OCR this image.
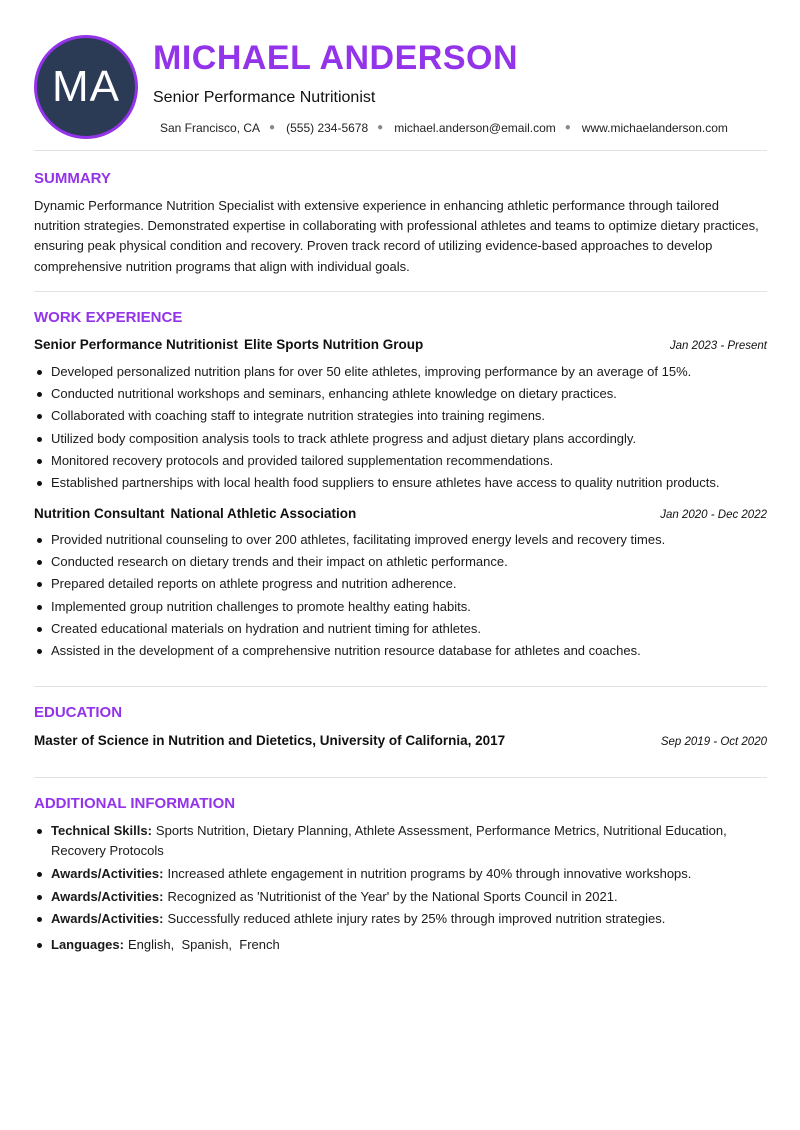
MA
MICHAEL ANDERSON
Senior Performance Nutritionist
San Francisco, CA ● (555) 234-5678 ● michael.anderson@email.com ● www.michaelanderson.com
SUMMARY

Dynamic Performance Nutrition Specialist with extensive experience in enhancing athletic performance through tailored nutrition strategies. Demonstrated expertise in collaborating with professional athletes and teams to optimize dietary practices, ensuring peak physical condition and recovery. Proven track record of utilizing evidence-based approaches to develop comprehensive nutrition programs that align with individual goals.

WORK EXPERIENCE
Senior Performance Nutritionist Elite Sports Nutrition Group	Jan 2023 - Present
Developed personalized nutrition plans for over 50 elite athletes, improving performance by an average of 15%.
Conducted nutritional workshops and seminars, enhancing athlete knowledge on dietary practices.
Collaborated with coaching staff to integrate nutrition strategies into training regimens.
Utilized body composition analysis tools to track athlete progress and adjust dietary plans accordingly.
Monitored recovery protocols and provided tailored supplementation recommendations.
Established partnerships with local health food suppliers to ensure athletes have access to quality nutrition products.
Nutrition Consultant National Athletic Association	Jan 2020 - Dec 2022
Provided nutritional counseling to over 200 athletes, facilitating improved energy levels and recovery times.
Conducted research on dietary trends and their impact on athletic performance.
Prepared detailed reports on athlete progress and nutrition adherence.
Implemented group nutrition challenges to promote healthy eating habits.
Created educational materials on hydration and nutrient timing for athletes.
Assisted in the development of a comprehensive nutrition resource database for athletes and coaches.
EDUCATION
Master of Science in Nutrition and Dietetics, University of California, 2017	Sep 2019 - Oct 2020
ADDITIONAL INFORMATION
Technical Skills: Sports Nutrition, Dietary Planning, Athlete Assessment, Performance Metrics, Nutritional Education, Recovery Protocols
Awards/Activities: Increased athlete engagement in nutrition programs by 40% through innovative workshops.
Awards/Activities: Recognized as 'Nutritionist of the Year' by the National Sports Council in 2021.
Awards/Activities: Successfully reduced athlete injury rates by 25% through improved nutrition strategies.
Languages: English,  Spanish,  French
